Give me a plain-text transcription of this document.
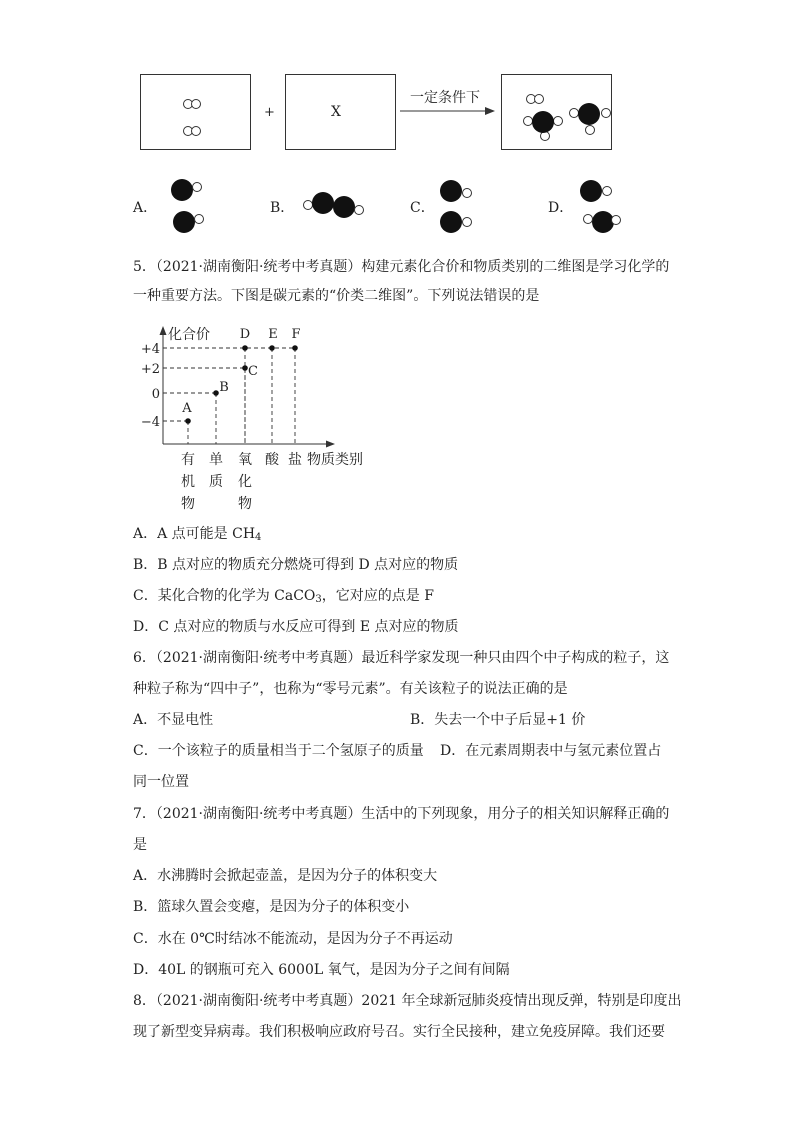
+	X
一定条件下
A．	B．	C．	D．
5．（2021·湖南衡阳·统考中考真题）构建元素化合价和物质类别的二维图是学习化学的
一种重要方法。下图是碳元素的“价类二维图”。下列说法错误的是
化合价
物质类别
+4
+2
0
−4
有
机
物
单
质
氧
化
物
酸 盐
A
B
C
D E F
A．A 点可能是 $CH_4$
B．B 点对应的物质充分燃烧可得到 D 点对应的物质
C．某化合物的化学为 CaCO$_3$，它对应的点是 F
D．C 点对应的物质与水反应可得到 E 点对应的物质
6．（2021·湖南衡阳·统考中考真题）最近科学家发现一种只由四个中子构成的粒子，这
种粒子称为“四中子”，也称为“零号元素”。有关该粒子的说法正确的是
A．不显电性	B．失去一个中子后显+1 价
C．一个该粒子的质量相当于二个氢原子的质量 D．在元素周期表中与氢元素位置占
同一位置
7．（2021·湖南衡阳·统考中考真题）生活中的下列现象，用分子的相关知识解释正确的
是
A．水沸腾时会掀起壶盖，是因为分子的体积变大
B．篮球久置会变瘪，是因为分子的体积变小
C．水在 0℃时结冰不能流动，是因为分子不再运动
D．40L 的钢瓶可充入 6000L 氧气，是因为分子之间有间隔
8．（2021·湖南衡阳·统考中考真题）2021 年全球新冠肺炎疫情出现反弹，特别是印度出
现了新型变异病毒。我们积极响应政府号召。实行全民接种，建立免疫屏障。我们还要
